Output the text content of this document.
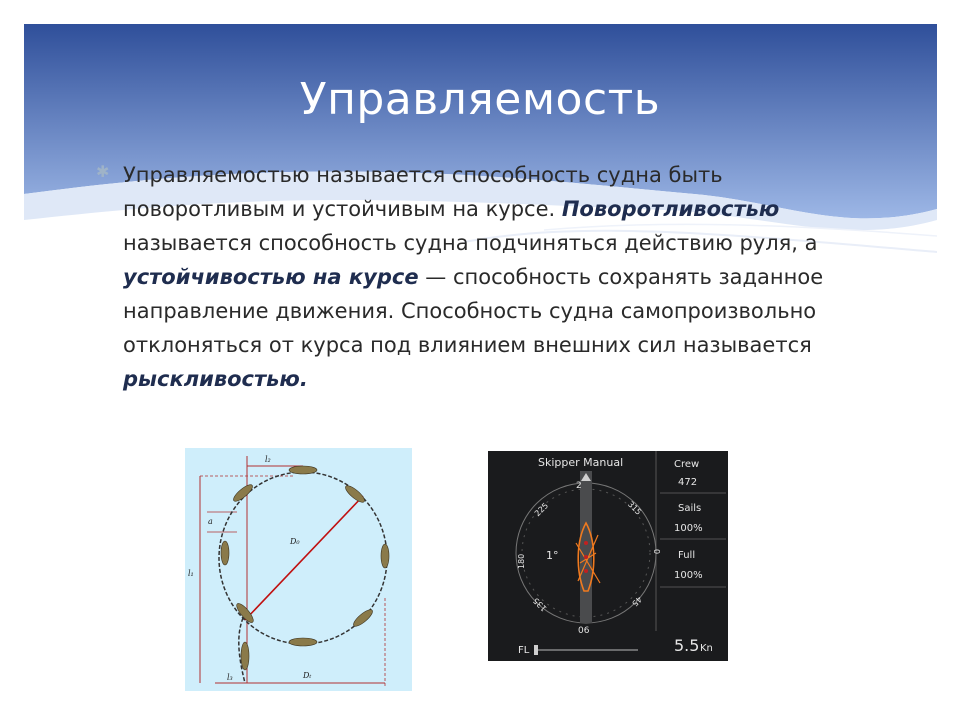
Управляемость
✱ Управляемостью называется способность судна быть поворотливым и устойчивым на курсе. Поворотливостью называется способность судна подчиняться действию руля, а устойчивостью на курсе — способность сохранять заданное направление движения. Способность судна самопроизвольно отклоняться от курса под влиянием внешних сил называется рыскливостью.
l₂
a
D₀
l₁
l₃	Dₜ
Skipper Manual
2
225	315
180
0
135	45
06
1°
Crew
472
Sails
100%
Full
100%
5.5 Kn
FL
